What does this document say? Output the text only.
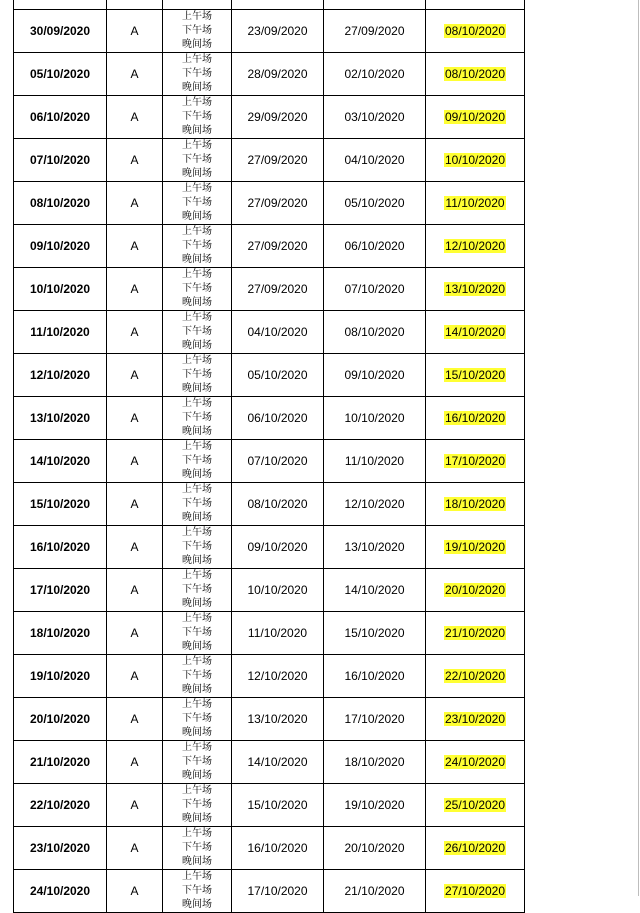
30/09/2020	A	上午场
下午场
晚间场	23/09/2020	27/09/2020	08/10/2020
05/10/2020	A	上午场
下午场
晚间场	28/09/2020	02/10/2020	08/10/2020
06/10/2020	A	上午场
下午场
晚间场	29/09/2020	03/10/2020	09/10/2020
07/10/2020	A	上午场
下午场
晚间场	27/09/2020	04/10/2020	10/10/2020
08/10/2020	A	上午场
下午场
晚间场	27/09/2020	05/10/2020	11/10/2020
09/10/2020	A	上午场
下午场
晚间场	27/09/2020	06/10/2020	12/10/2020
10/10/2020	A	上午场
下午场
晚间场	27/09/2020	07/10/2020	13/10/2020
11/10/2020	A	上午场
下午场
晚间场	04/10/2020	08/10/2020	14/10/2020
12/10/2020	A	上午场
下午场
晚间场	05/10/2020	09/10/2020	15/10/2020
13/10/2020	A	上午场
下午场
晚间场	06/10/2020	10/10/2020	16/10/2020
14/10/2020	A	上午场
下午场
晚间场	07/10/2020	11/10/2020	17/10/2020
15/10/2020	A	上午场
下午场
晚间场	08/10/2020	12/10/2020	18/10/2020
16/10/2020	A	上午场
下午场
晚间场	09/10/2020	13/10/2020	19/10/2020
17/10/2020	A	上午场
下午场
晚间场	10/10/2020	14/10/2020	20/10/2020
18/10/2020	A	上午场
下午场
晚间场	11/10/2020	15/10/2020	21/10/2020
19/10/2020	A	上午场
下午场
晚间场	12/10/2020	16/10/2020	22/10/2020
20/10/2020	A	上午场
下午场
晚间场	13/10/2020	17/10/2020	23/10/2020
21/10/2020	A	上午场
下午场
晚间场	14/10/2020	18/10/2020	24/10/2020
22/10/2020	A	上午场
下午场
晚间场	15/10/2020	19/10/2020	25/10/2020
23/10/2020	A	上午场
下午场
晚间场	16/10/2020	20/10/2020	26/10/2020
24/10/2020	A	上午场
下午场
晚间场	17/10/2020	21/10/2020	27/10/2020
